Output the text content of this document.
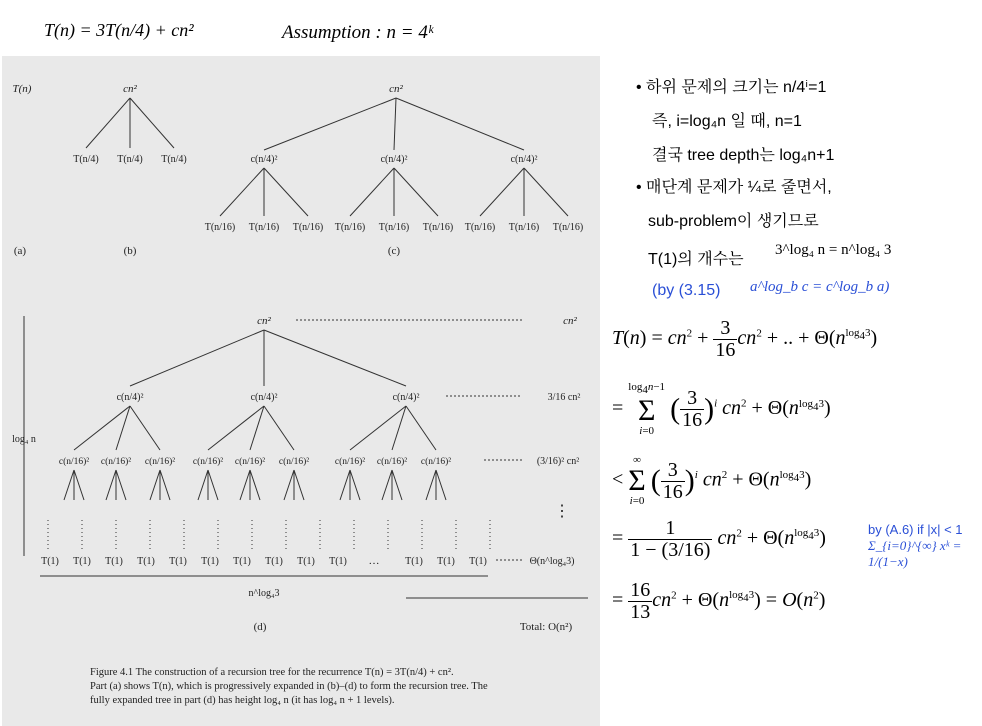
T(n) = 3T(n/4) + cn²	Assumption : n = 4ᵏ
T(n)
(a)
cn²
T(n/4) T(n/4) T(n/4)
(b)
cn²
c(n/4)²
T(n/16) T(n/16) T(n/16)
c(n/4)²
T(n/16) T(n/16) T(n/16)
c(n/4)²
T(n/16) T(n/16) T(n/16)
(c)
cn²	cn²
c(n/4)²
c(n/16)² c(n/16)² c(n/16)²
c(n/4)²
c(n/16)² c(n/16)² c(n/16)²
c(n/4)²
c(n/16)² c(n/16)² c(n/16)²
3/16 cn²
(3/16)² cn²
⋮
T(1) T(1) T(1) T(1) T(1) T(1) T(1) T(1) T(1) T(1) …	T(1) T(1) T(1)	Θ(n^log₄3)
n^log₄3
log₄ n
(d)	Total: O(n²)
Figure 4.1 The construction of a recursion tree for the recurrence T(n) = 3T(n/4) + cn².
Part (a) shows T(n), which is progressively expanded in (b)–(d) to form the recursion tree. The
fully expanded tree in part (d) has height log₄ n (it has log₄ n + 1 levels).
• 하위 문제의 크기는 n/4ⁱ=1
즉, i=log₄n 일 때, n=1
결국 tree depth는 log₄n+1
• 매단계 문제가 ¼로 줄면서,
sub-problem이 생기므로
T(1)의 개수는
3^log₄ n = n^log₄ 3
(by (3.15) a^log_b c = c^log_b a)
$T(n) = cn^2 + \frac{3}{16} cn^2$ + .. + $\Theta(n^{log_43})$
=
$\log_4n-1$
Σ
i=0
( $\frac{3}{16} )^i$ $cn^2 + \Theta(n^{log_43})$
<
∞
Σ
i=0
( $\frac{3}{16} )^i$ $cn^2 + \Theta(n^{log_43})$
= $\frac{1}{1 - (3/16)} cn^2 + \Theta(n^{log_43})$
= $\frac{16}{13} cn^2 + \Theta(n^{log_43}) = O(n^2)$
by (A.6) if |x| < 1
Σ_{i=0}^{∞} xᵏ = 1/(1−x)
